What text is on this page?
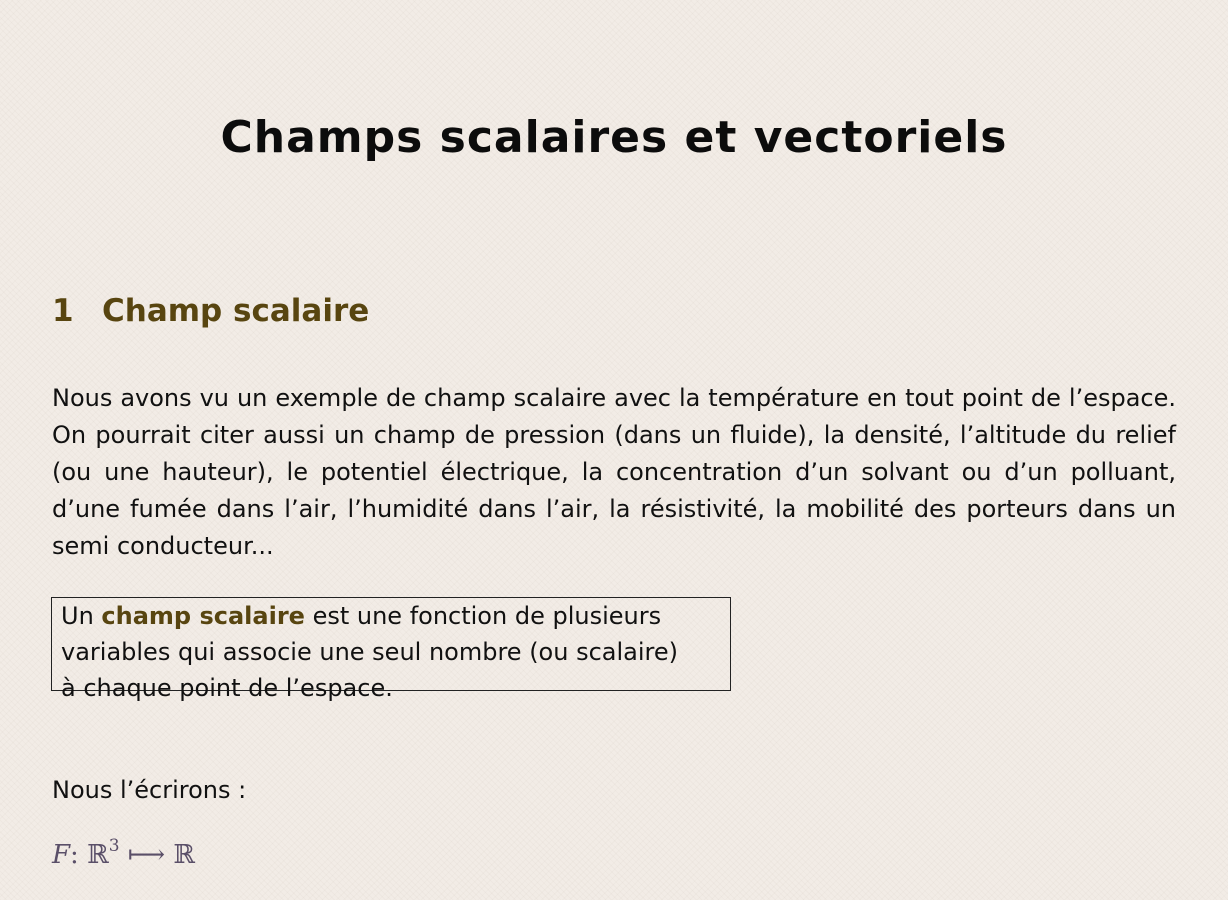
Champs scalaires et vectoriels
1 Champ scalaire

Nous avons vu un exemple de champ scalaire avec la température en tout point de l’espace. On pourrait citer aussi un champ de pression (dans un fluide), la densité, l’altitude du relief (ou une hauteur), le potentiel électrique, la concentration d’un solvant ou d’un polluant, d’une fumée dans l’air, l’humidité dans l’air, la résistivité, la mobilité des porteurs dans un semi conducteur...

Un champ scalaire est une fonction de plusieurs
variables qui associe une seul nombre (ou scalaire)
à chaque point de l’espace.

Nous l’écrirons :

F: ℝ$^3$ ⟼ ℝ
